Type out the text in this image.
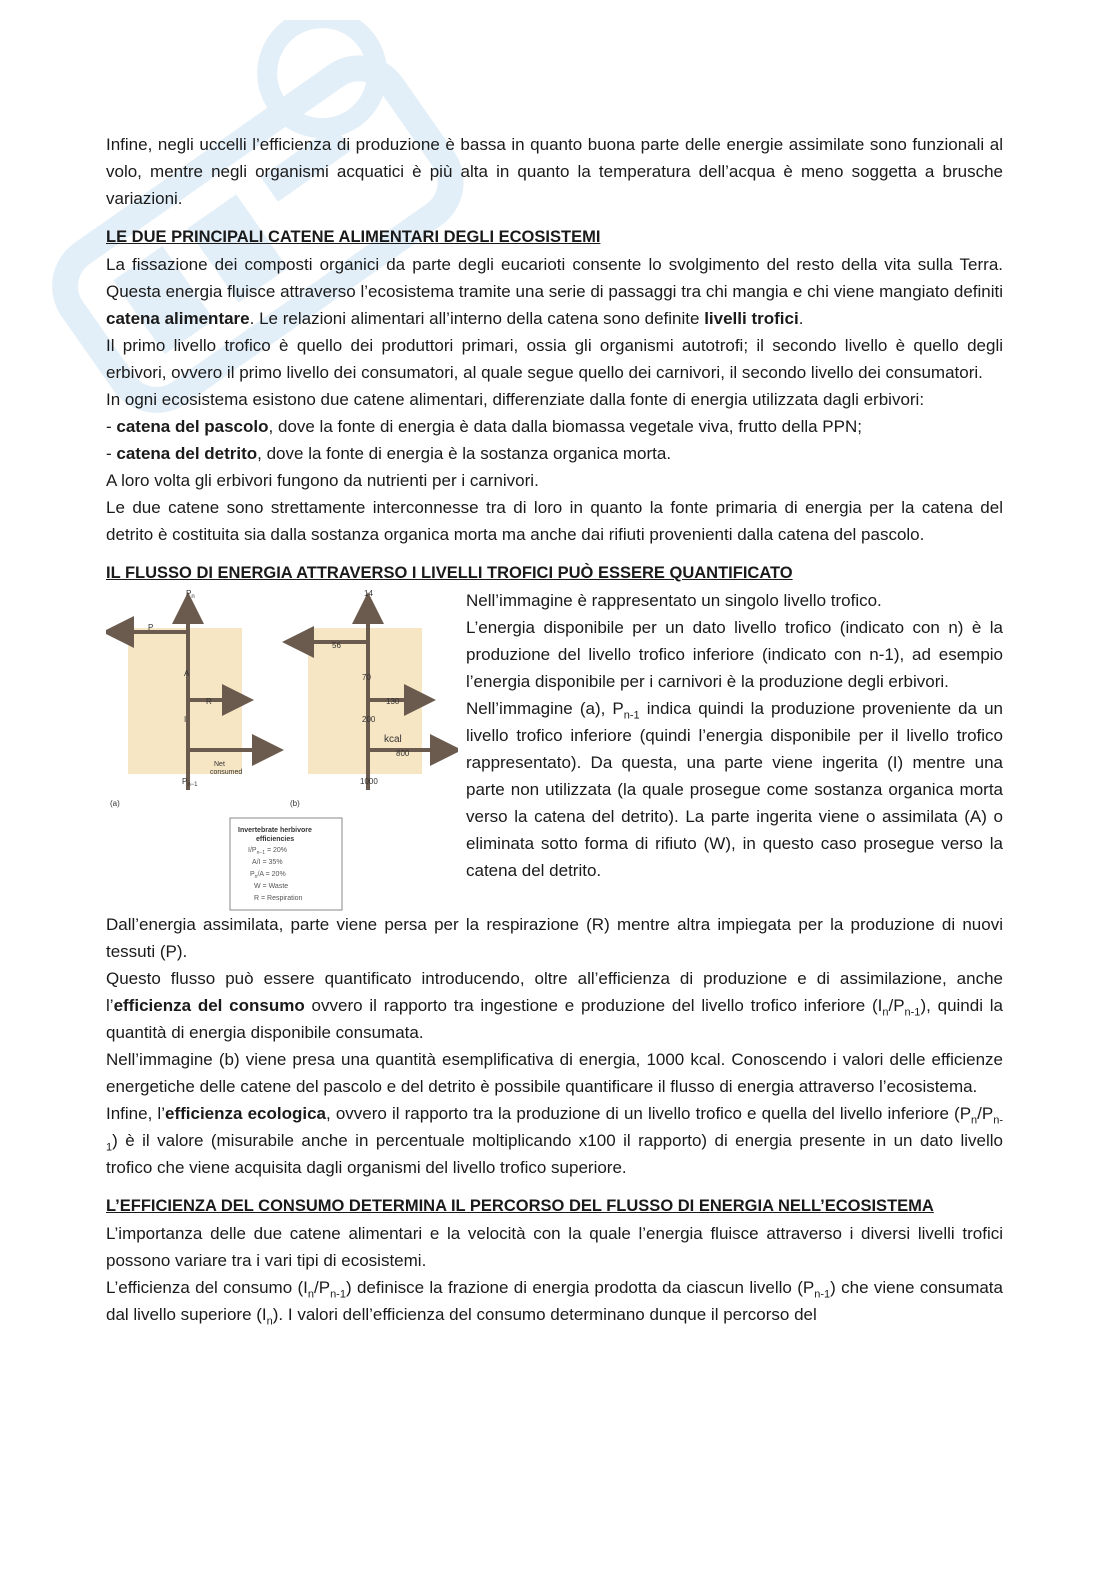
Infine, negli uccelli l’efficienza di produzione è bassa in quanto buona parte delle energie assimilate sono funzionali al volo, mentre negli organismi acquatici è più alta in quanto la temperatura dell’acqua è meno soggetta a brusche variazioni.

LE DUE PRINCIPALI CATENE ALIMENTARI DEGLI ECOSISTEMI

La fissazione dei composti organici da parte degli eucarioti consente lo svolgimento del resto della vita sulla Terra. Questa energia fluisce attraverso l’ecosistema tramite una serie di passaggi tra chi mangia e chi viene mangiato definiti catena alimentare. Le relazioni alimentari all’interno della catena sono definite livelli trofici.

Il primo livello trofico è quello dei produttori primari, ossia gli organismi autotrofi; il secondo livello è quello degli erbivori, ovvero il primo livello dei consumatori, al quale segue quello dei carnivori, il secondo livello dei consumatori.

In ogni ecosistema esistono due catene alimentari, differenziate dalla fonte di energia utilizzata dagli erbivori:

- catena del pascolo, dove la fonte di energia è data dalla biomassa vegetale viva, frutto della PPN;

- catena del detrito, dove la fonte di energia è la sostanza organica morta.

A loro volta gli erbivori fungono da nutrienti per i carnivori.

Le due catene sono strettamente interconnesse tra di loro in quanto la fonte primaria di energia per la catena del detrito è costituita sia dalla sostanza organica morta ma anche dai rifiuti provenienti dalla catena del pascolo.

IL FLUSSO DI ENERGIA ATTRAVERSO I LIVELLI TROFICI PUÒ ESSERE QUANTIFICATO

$P_n$
P
A
R
I
Net
consumed
$P_{n-1}$
(a)
14
56
70
130
200
kcal
800
1000
(b)
Invertebrate herbivore
efficiencies
$I/P_{n-1} = 20\%$
A/I = 35%
$P_n/A = 20\%$
W = Waste
R = Respiration

Nell’immagine è rappresentato un singolo livello trofico.

L’energia disponibile per un dato livello trofico (indicato con n) è la produzione del livello trofico inferiore (indicato con n-1), ad esempio l’energia disponibile per i carnivori è la produzione degli erbivori.

Nell’immagine (a), $P_{n-1}$ indica quindi la produzione proveniente da un livello trofico inferiore (quindi l’energia disponibile per il livello trofico rappresentato). Da questa, una parte viene ingerita (I) mentre una parte non utilizzata (la quale prosegue come sostanza organica morta verso la catena del detrito). La parte ingerita viene o assimilata (A) o eliminata sotto forma di rifiuto (W), in questo caso prosegue verso la catena del detrito.

Dall’energia assimilata, parte viene persa per la respirazione (R) mentre altra impiegata per la produzione di nuovi tessuti (P).

Questo flusso può essere quantificato introducendo, oltre all’efficienza di produzione e di assimilazione, anche l’efficienza del consumo ovvero il rapporto tra ingestione e produzione del livello trofico inferiore $(I_n/P_{n-1})$, quindi la quantità di energia disponibile consumata.

Nell’immagine (b) viene presa una quantità esemplificativa di energia, 1000 kcal. Conoscendo i valori delle efficienze energetiche delle catene del pascolo e del detrito è possibile quantificare il flusso di energia attraverso l’ecosistema.

Infine, l’efficienza ecologica, ovvero il rapporto tra la produzione di un livello trofico e quella del livello inferiore $(P_n/P_{n-1})$ è il valore (misurabile anche in percentuale moltiplicando x100 il rapporto) di energia presente in un dato livello trofico che viene acquisita dagli organismi del livello trofico superiore.

L’EFFICIENZA DEL CONSUMO DETERMINA IL PERCORSO DEL FLUSSO DI ENERGIA NELL’ECOSISTEMA

L’importanza delle due catene alimentari e la velocità con la quale l’energia fluisce attraverso i diversi livelli trofici possono variare tra i vari tipi di ecosistemi.

L’efficienza del consumo $(I_n/P_{n-1})$ definisce la frazione di energia prodotta da ciascun livello $(P_{n-1})$ che viene consumata dal livello superiore $(I_n)$. I valori dell’efficienza del consumo determinano dunque il percorso del
